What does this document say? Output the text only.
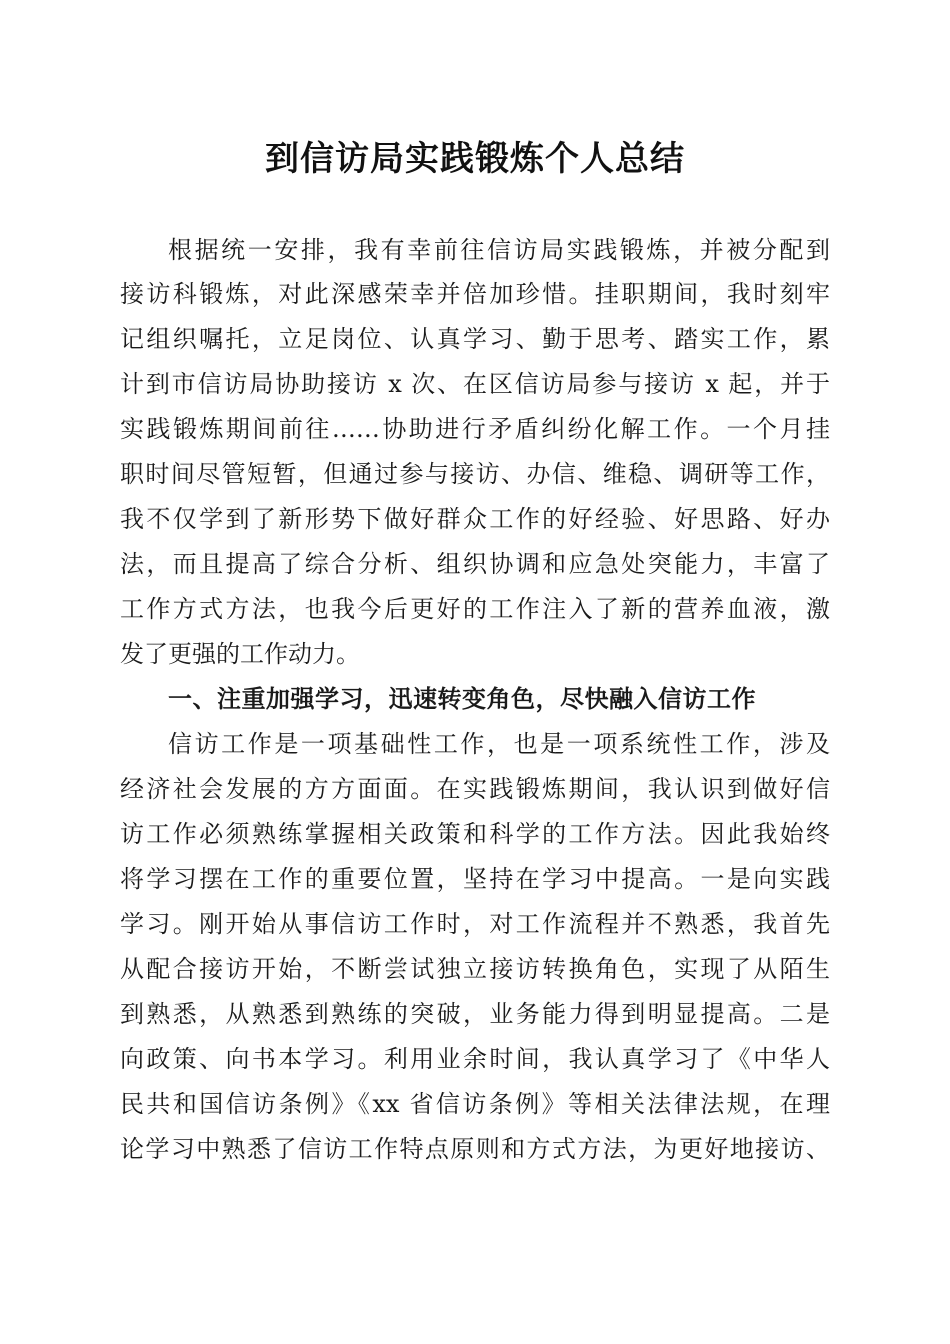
到信访局实践锻炼个人总结

根据统一安排，我有幸前往信访局实践锻炼，并被分配到

接访科锻炼，对此深感荣幸并倍加珍惜。挂职期间，我时刻牢

记组织嘱托，立足岗位、认真学习、勤于思考、踏实工作，累

计到市信访局协助接访 x 次、在区信访局参与接访 x 起，并于

实践锻炼期间前往……协助进行矛盾纠纷化解工作。一个月挂

职时间尽管短暂，但通过参与接访、办信、维稳、调研等工作，

我不仅学到了新形势下做好群众工作的好经验、好思路、好办

法，而且提高了综合分析、组织协调和应急处突能力，丰富了

工作方式方法，也我今后更好的工作注入了新的营养血液，激

发了更强的工作动力。

一、注重加强学习，迅速转变角色，尽快融入信访工作

信访工作是一项基础性工作，也是一项系统性工作，涉及

经济社会发展的方方面面。在实践锻炼期间，我认识到做好信

访工作必须熟练掌握相关政策和科学的工作方法。因此我始终

将学习摆在工作的重要位置，坚持在学习中提高。一是向实践

学习。刚开始从事信访工作时，对工作流程并不熟悉，我首先

从配合接访开始，不断尝试独立接访转换角色，实现了从陌生

到熟悉，从熟悉到熟练的突破，业务能力得到明显提高。二是

向政策、向书本学习。利用业余时间，我认真学习了《中华人

民共和国信访条例》《xx 省信访条例》等相关法律法规，在理

论学习中熟悉了信访工作特点原则和方式方法，为更好地接访、
